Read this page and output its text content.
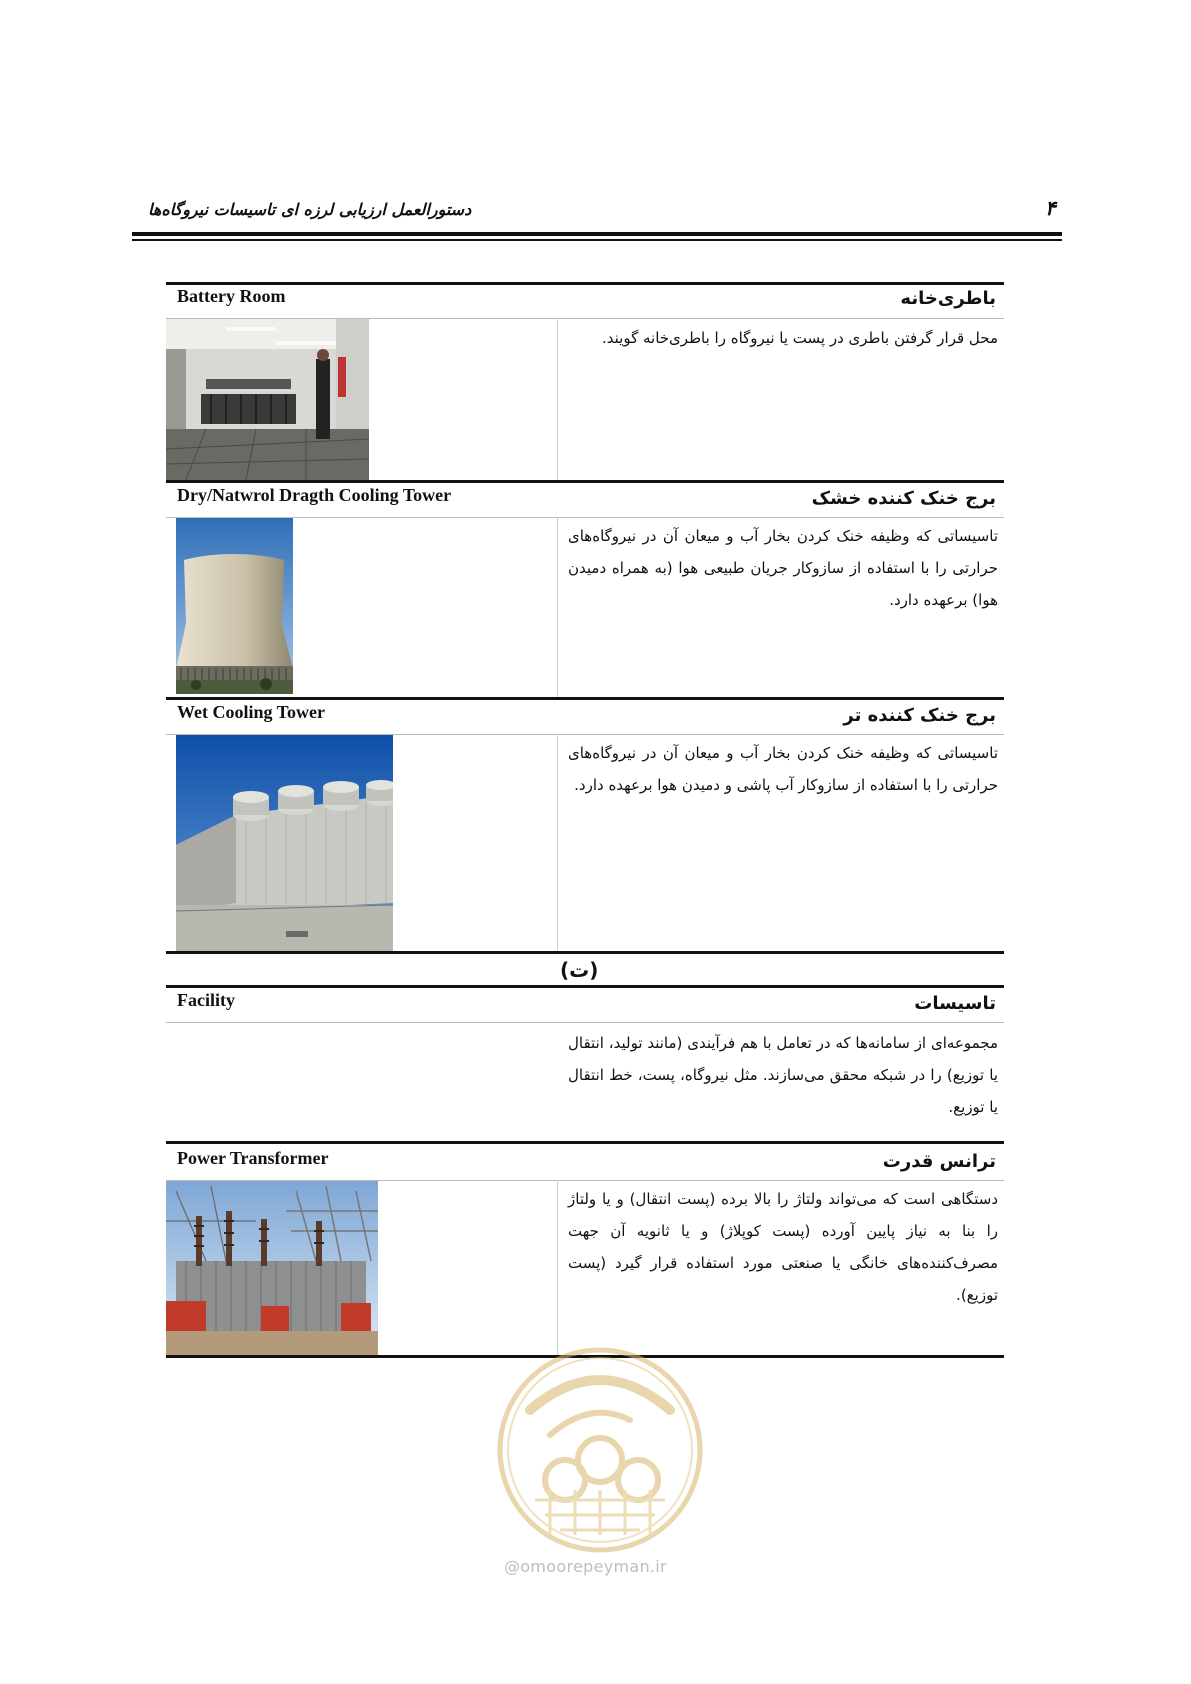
۴
دستورالعمل ارزیابی لرزه ای تاسیسات نیروگاه‌ها
Battery Room	باطری‌خانه
محل قرار گرفتن باطری در پست یا نیروگاه را باطری‌خانه گویند.
Dry/Natwrol Dragth Cooling Tower	برج خنک کننده خشک
تاسیساتی که وظیفه خنک کردن بخار آب و میعان آن در نیروگاه‌های حرارتی را با استفاده از سازوکار جریان طبیعی هوا (به همراه دمیدن هوا) برعهده دارد.
Wet Cooling Tower	برج خنک کننده تر
تاسیساتی که وظیفه خنک کردن بخار آب و میعان آن در نیروگاه‌های حرارتی را با استفاده از سازوکار آب پاشی و دمیدن هوا برعهده دارد.
(ت)
Facility	تاسیسات
مجموعه‌ای از سامانه‌ها که در تعامل با هم فرآیندی (مانند تولید، انتقال یا توزیع) را در شبکه محقق می‌سازند. مثل نیروگاه، پست، خط انتقال یا توزیع.
Power Transformer	ترانس قدرت
دستگاهی است که می‌تواند ولتاژ را بالا برده (پست انتقال) و یا ولتاژ را بنا به نیاز پایین آورده (پست کوپلاژ) و یا ثانویه آن جهت مصرف‌کننده‌های خانگی یا صنعتی مورد استفاده قرار گیرد (پست توزیع).
@omoorepeyman.ir
